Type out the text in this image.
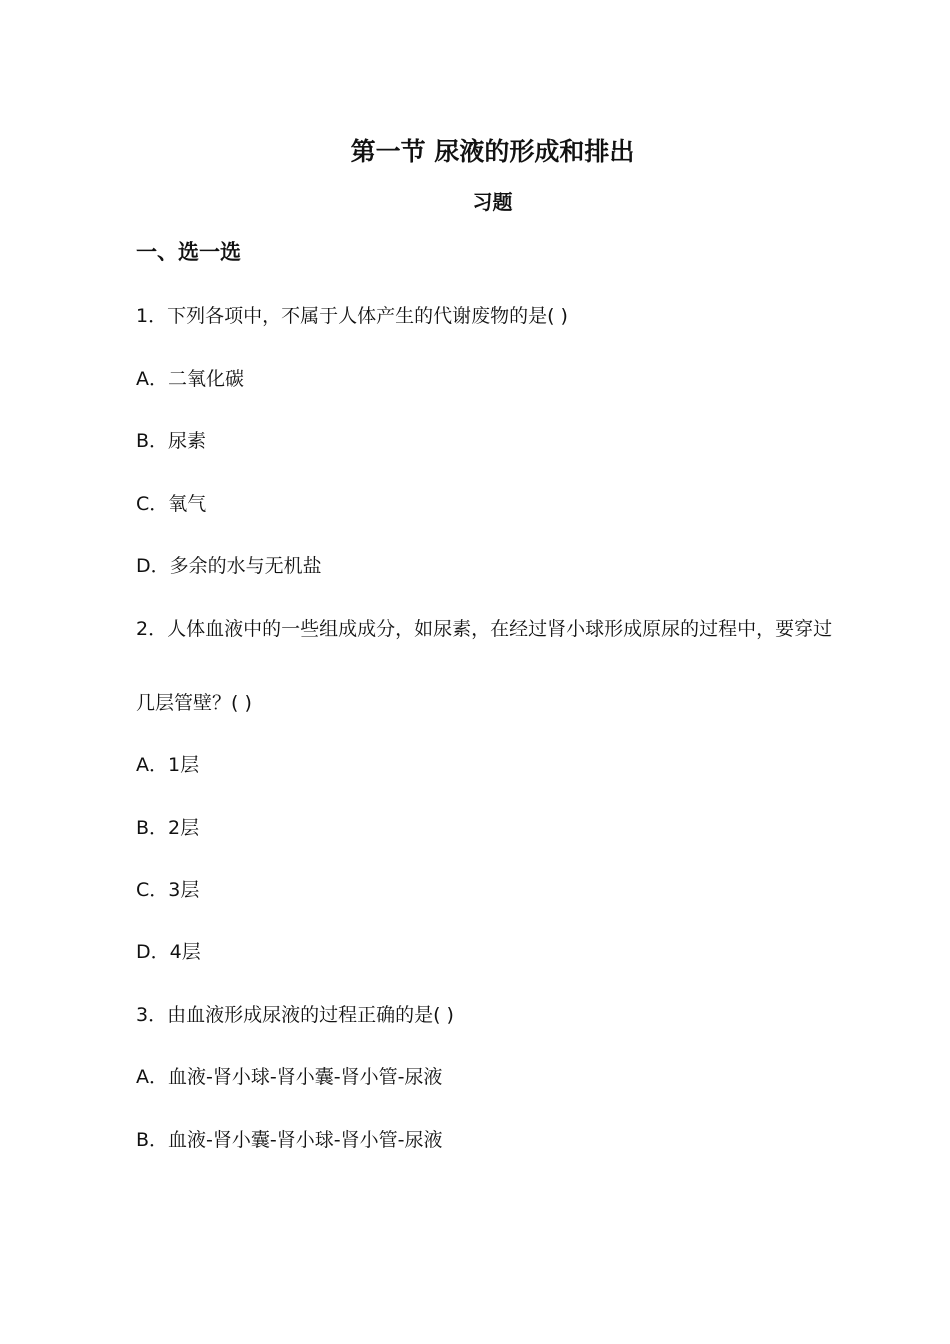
第一节 尿液的形成和排出
习题
一、选一选
1．下列各项中，不属于人体产生的代谢废物的是( )
A．二氧化碳
B．尿素
C．氧气
D．多余的水与无机盐
2．人体血液中的一些组成成分，如尿素，在经过肾小球形成原尿的过程中，要穿过
几层管壁？( )
A．1层
B．2层
C．3层
D．4层
3．由血液形成尿液的过程正确的是( )
A．血液-肾小球-肾小囊-肾小管-尿液
B．血液-肾小囊-肾小球-肾小管-尿液
